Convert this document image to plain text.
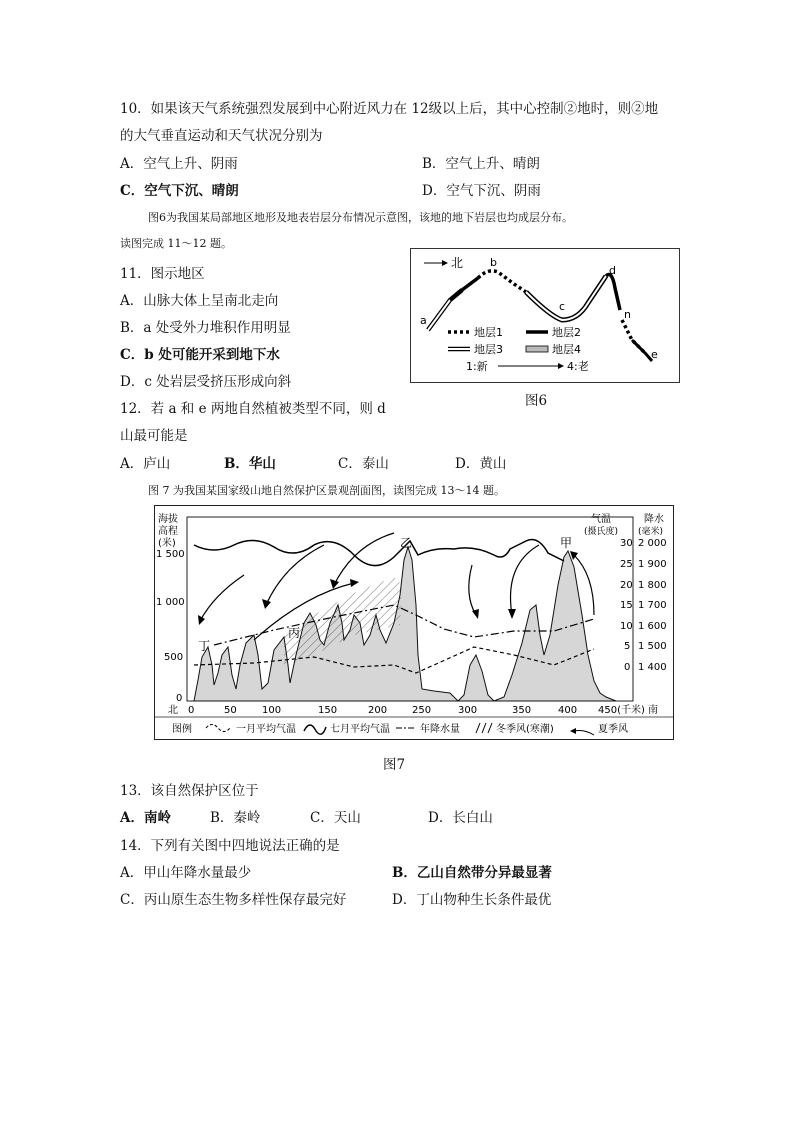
10．如果该天气系统强烈发展到中心附近风力在 12级以上后，其中心控制②地时，则②地
的大气垂直运动和天气状况分别为
A．空气上升、阴雨	B．空气上升、晴朗
C．空气下沉、晴朗	D．空气下沉、阴雨
图6为我国某局部地区地形及地表岩层分布情况示意图，该地的地下岩层也均成层分布。
读图完成 11～12 题。
11．图示地区
A．山脉大体上呈南北走向
B．a 处受外力堆积作用明显
C．b 处可能开采到地下水
D．c 处岩层受挤压形成向斜
北
a
b
c
d
n
e
地层1	地层2
地层3	地层4
1:新	4:老
图6
12．若 a 和 e 两地自然植被类型不同，则 d
山最可能是
A．庐山	B．华山	C．泰山	D．黄山
图 7 为我国某国家级山地自然保护区景观剖面图，读图完成 13～14 题。
海拔
高程
(米)
气温
(摄氏度)
降水
(毫米)
1 500
1 000
500
0
30
25
20
15
10
5
0
2 000
1 900
1 800
1 700
1 600
1 500
1 400
甲
乙
丙
丁
北 0	50	100	150	200 250	300	350	400 450(千米) 南
图例	一月平均气温	七月平均气温	年降水量	冬季风(寒潮)	夏季风
图7
13．该自然保护区位于
A．南岭	B．秦岭	C．天山	D．长白山
14．下列有关图中四地说法正确的是
A．甲山年降水量最少	B．乙山自然带分异最显著
C．丙山原生态生物多样性保存最完好	D．丁山物种生长条件最优
